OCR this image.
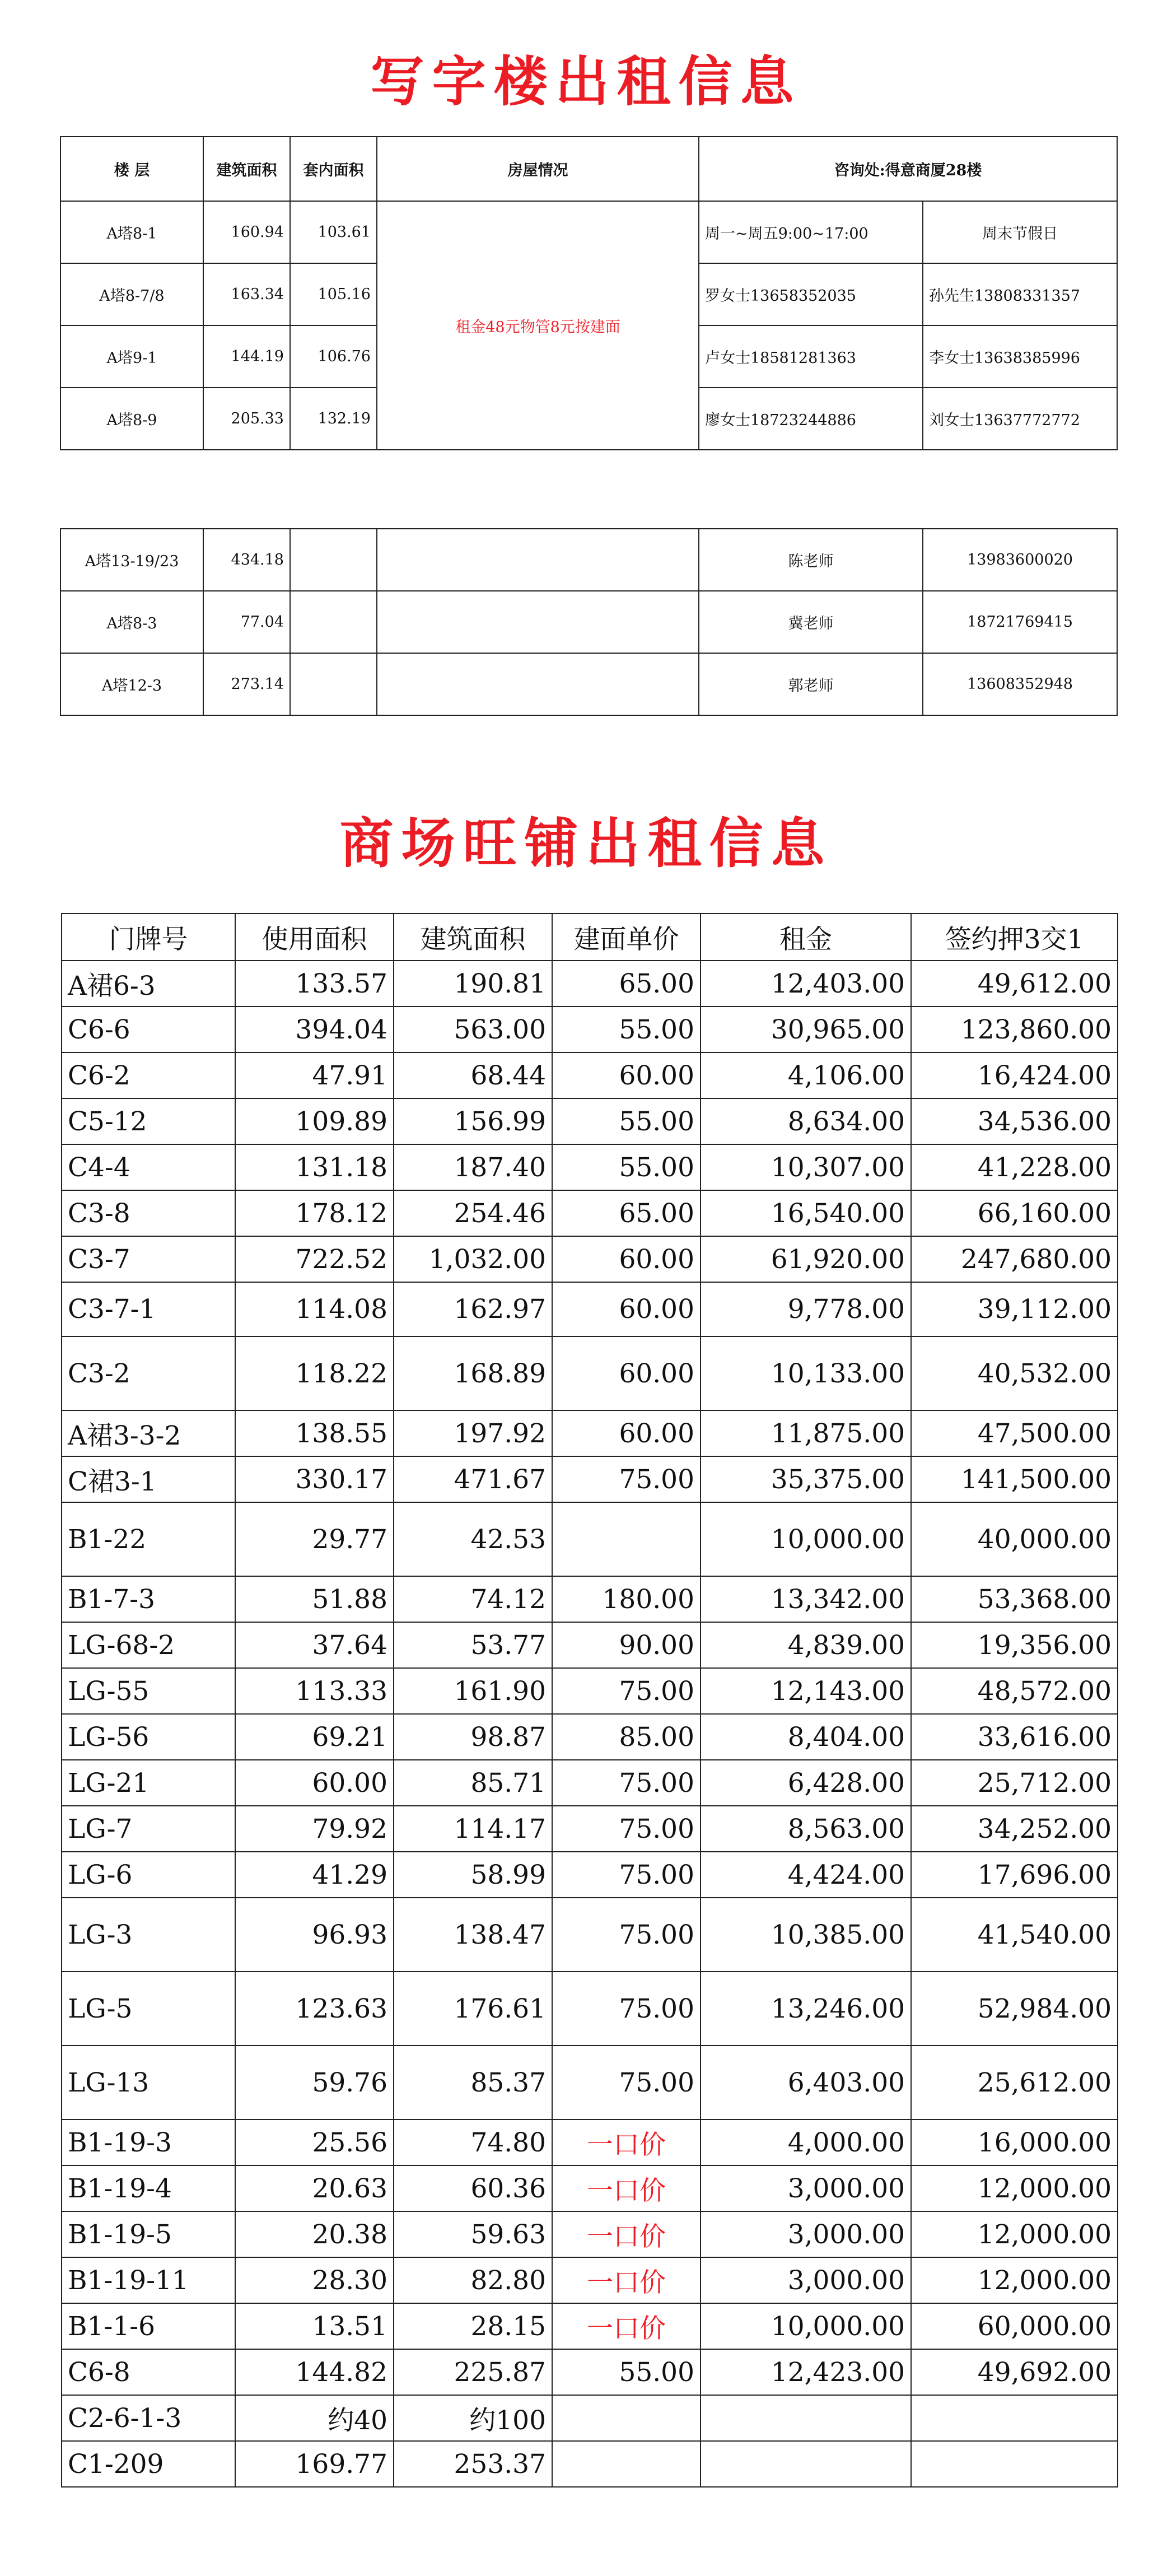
写字楼出租信息
楼 层	建筑面积	套内面积	房屋情况	咨询处:得意商厦28楼	
A塔8-1	160.94	103.61	租金48元物管8元按建面	周一~周五9:00~17:00	周末节假日
A塔8-7/8	163.34	105.16		罗女士13658352035	孙先生13808331357
A塔9-1	144.19	106.76		卢女士18581281363	李女士13638385996
A塔8-9	205.33	132.19		廖女士18723244886	刘女士13637772772
A塔13-19/23	434.18			陈老师	13983600020
A塔8-3	77.04			冀老师	18721769415
A塔12-3	273.14			郭老师	13608352948
商场旺铺出租信息
门牌号	使用面积	建筑面积	建面单价	租金	签约押3交1
A裙6-3	133.57	190.81	65.00	12,403.00	49,612.00
C6-6	394.04	563.00	55.00	30,965.00	123,860.00
C6-2	47.91	68.44	60.00	4,106.00	16,424.00
C5-12	109.89	156.99	55.00	8,634.00	34,536.00
C4-4	131.18	187.40	55.00	10,307.00	41,228.00
C3-8	178.12	254.46	65.00	16,540.00	66,160.00
C3-7	722.52	1,032.00	60.00	61,920.00	247,680.00
C3-7-1	114.08	162.97	60.00	9,778.00	39,112.00
C3-2	118.22	168.89	60.00	10,133.00	40,532.00
A裙3-3-2	138.55	197.92	60.00	11,875.00	47,500.00
C裙3-1	330.17	471.67	75.00	35,375.00	141,500.00
B1-22	29.77	42.53		10,000.00	40,000.00
B1-7-3	51.88	74.12	180.00	13,342.00	53,368.00
LG-68-2	37.64	53.77	90.00	4,839.00	19,356.00
LG-55	113.33	161.90	75.00	12,143.00	48,572.00
LG-56	69.21	98.87	85.00	8,404.00	33,616.00
LG-21	60.00	85.71	75.00	6,428.00	25,712.00
LG-7	79.92	114.17	75.00	8,563.00	34,252.00
LG-6	41.29	58.99	75.00	4,424.00	17,696.00
LG-3	96.93	138.47	75.00	10,385.00	41,540.00
LG-5	123.63	176.61	75.00	13,246.00	52,984.00
LG-13	59.76	85.37	75.00	6,403.00	25,612.00
B1-19-3	25.56	74.80	一口价	4,000.00	16,000.00
B1-19-4	20.63	60.36	一口价	3,000.00	12,000.00
B1-19-5	20.38	59.63	一口价	3,000.00	12,000.00
B1-19-11	28.30	82.80	一口价	3,000.00	12,000.00
B1-1-6	13.51	28.15	一口价	10,000.00	60,000.00
C6-8	144.82	225.87	55.00	12,423.00	49,692.00
C2-6-1-3	约40	约100			
C1-209	169.77	253.37			
